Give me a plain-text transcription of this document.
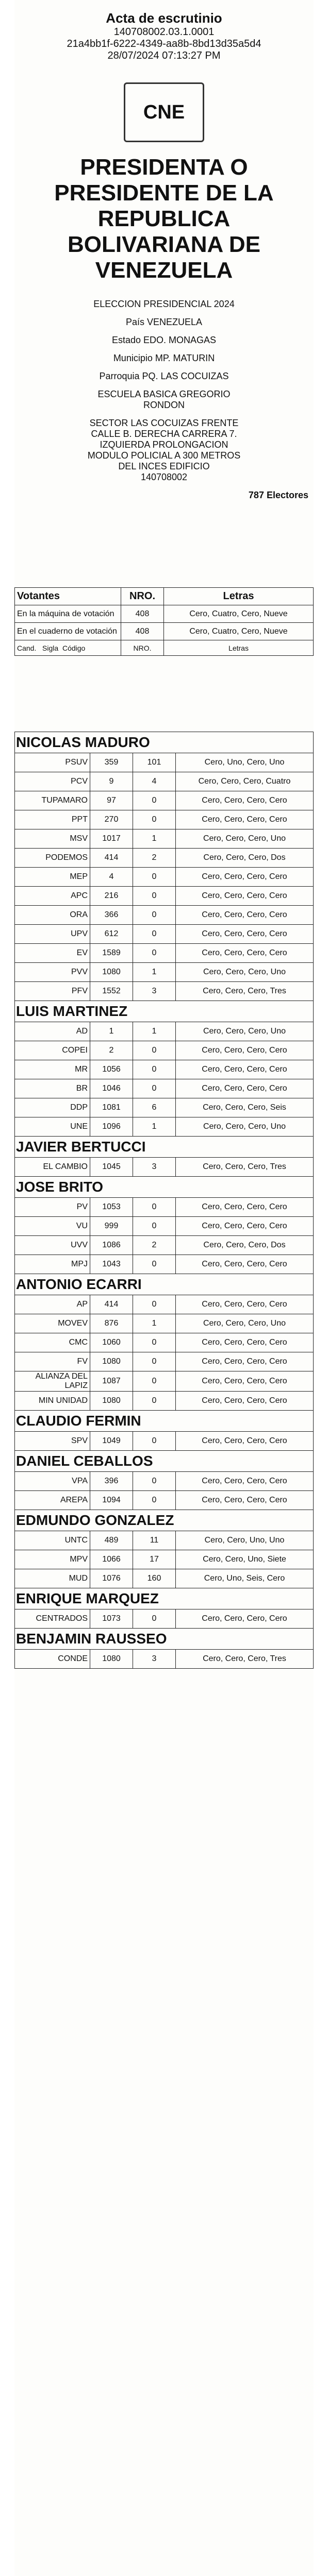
Acta de escrutinio
140708002.03.1.0001
21a4bb1f-6222-4349-aa8b-8bd13d35a5d4
28/07/2024 07:13:27 PM
CNE
PRESIDENTA O
PRESIDENTE DE LA
REPUBLICA
BOLIVARIANA DE
VENEZUELA
ELECCION PRESIDENCIAL 2024
País VENEZUELA
Estado EDO. MONAGAS
Municipio MP. MATURIN
Parroquia PQ. LAS COCUIZAS
ESCUELA BASICA GREGORIO
RONDON
SECTOR LAS COCUIZAS FRENTE
CALLE B. DERECHA CARRERA 7.
IZQUIERDA PROLONGACION
MODULO POLICIAL A 300 METROS
DEL INCES EDIFICIO
140708002
787 Electores
Votantes	NRO.	Letras
En la máquina de votación	408	Cero, Cuatro, Cero, Nueve
En el cuaderno de votación	408	Cero, Cuatro, Cero, Nueve
Cand. Sigla Código	NRO.	Letras
NICOLAS MADURO			
PSUV	359	101	Cero, Uno, Cero, Uno
PCV	9	4	Cero, Cero, Cero, Cuatro
TUPAMARO	97	0	Cero, Cero, Cero, Cero
PPT	270	0	Cero, Cero, Cero, Cero
MSV	1017	1	Cero, Cero, Cero, Uno
PODEMOS	414	2	Cero, Cero, Cero, Dos
MEP	4	0	Cero, Cero, Cero, Cero
APC	216	0	Cero, Cero, Cero, Cero
ORA	366	0	Cero, Cero, Cero, Cero
UPV	612	0	Cero, Cero, Cero, Cero
EV	1589	0	Cero, Cero, Cero, Cero
PVV	1080	1	Cero, Cero, Cero, Uno
PFV	1552	3	Cero, Cero, Cero, Tres
LUIS MARTINEZ			
AD	1	1	Cero, Cero, Cero, Uno
COPEI	2	0	Cero, Cero, Cero, Cero
MR	1056	0	Cero, Cero, Cero, Cero
BR	1046	0	Cero, Cero, Cero, Cero
DDP	1081	6	Cero, Cero, Cero, Seis
UNE	1096	1	Cero, Cero, Cero, Uno
JAVIER BERTUCCI			
EL CAMBIO	1045	3	Cero, Cero, Cero, Tres
JOSE BRITO			
PV	1053	0	Cero, Cero, Cero, Cero
VU	999	0	Cero, Cero, Cero, Cero
UVV	1086	2	Cero, Cero, Cero, Dos
MPJ	1043	0	Cero, Cero, Cero, Cero
ANTONIO ECARRI			
AP	414	0	Cero, Cero, Cero, Cero
MOVEV	876	1	Cero, Cero, Cero, Uno
CMC	1060	0	Cero, Cero, Cero, Cero
FV	1080	0	Cero, Cero, Cero, Cero
ALIANZA DEL LAPIZ	1087	0	Cero, Cero, Cero, Cero
MIN UNIDAD	1080	0	Cero, Cero, Cero, Cero
CLAUDIO FERMIN			
SPV	1049	0	Cero, Cero, Cero, Cero
DANIEL CEBALLOS			
VPA	396	0	Cero, Cero, Cero, Cero
AREPA	1094	0	Cero, Cero, Cero, Cero
EDMUNDO GONZALEZ			
UNTC	489	11	Cero, Cero, Uno, Uno
MPV	1066	17	Cero, Cero, Uno, Siete
MUD	1076	160	Cero, Uno, Seis, Cero
ENRIQUE MARQUEZ			
CENTRADOS	1073	0	Cero, Cero, Cero, Cero
BENJAMIN RAUSSEO			
CONDE	1080	3	Cero, Cero, Cero, Tres
